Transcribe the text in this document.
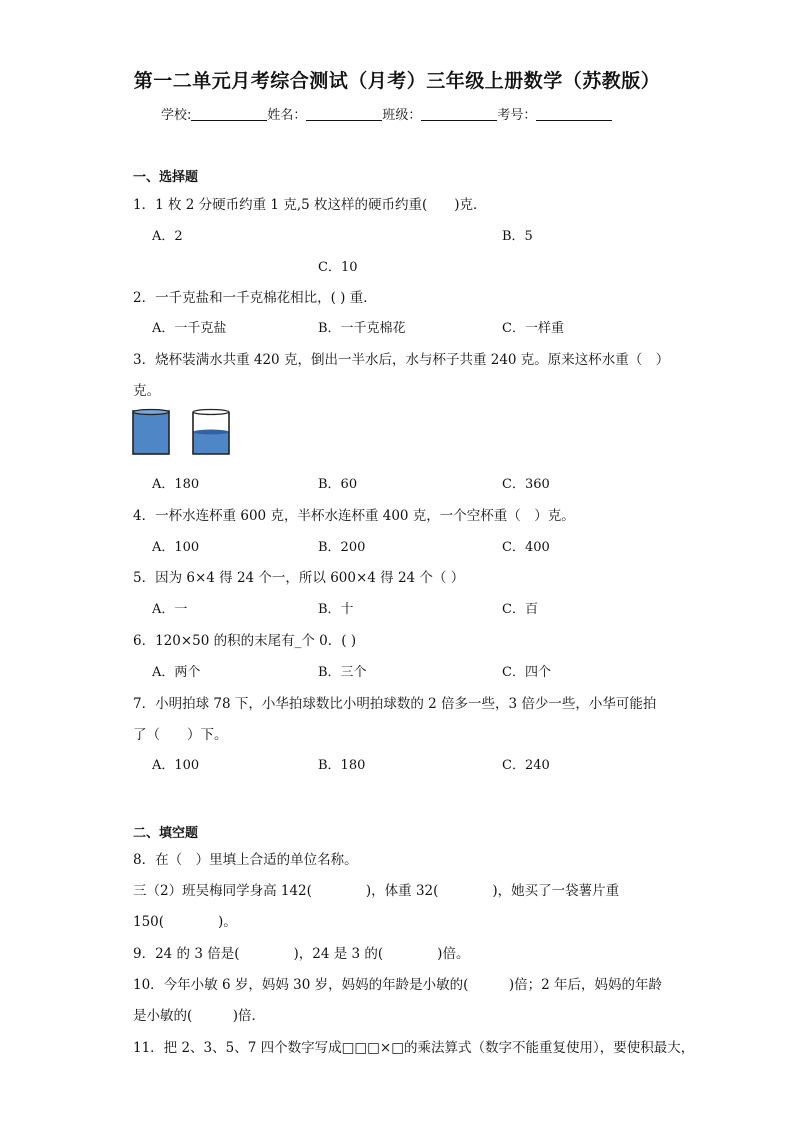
第一二单元月考综合测试（月考）三年级上册数学（苏教版）
学校:	姓名：	班级：	考号：
一、选择题
1．1 枚 2 分硬币约重 1 克,5 枚这样的硬币约重(　　)克．
A．2	B．5
C．10
2．一千克盐和一千克棉花相比，( ) 重．
A．一千克盐	B．一千克棉花	C．一样重
3．烧杯装满水共重 420 克，倒出一半水后，水与杯子共重 240 克。原来这杯水重（　）
克。
A．180	B．60	C．360
4．一杯水连杯重 600 克，半杯水连杯重 400 克，一个空杯重（　）克。
A．100	B．200	C．400
5．因为 6×4 得 24 个一，所以 600×4 得 24 个（ ）
A．一	B．十	C．百
6．120×50 的积的末尾有_个 0．( )
A．两个	B．三个	C．四个
7．小明拍球 78 下，小华拍球数比小明拍球数的 2 倍多一些，3 倍少一些，小华可能拍
了（　　）下。
A．100	B．180	C．240
二、填空题
8．在（　）里填上合适的单位名称。
三（2）班吴梅同学身高 142(　　　　)，体重 32(　　　　)，她买了一袋薯片重
150(　　　　)。
9．24 的 3 倍是(　　　　)，24 是 3 的(　　　　)倍。
10．今年小敏 6 岁，妈妈 30 岁，妈妈的年龄是小敏的(　　　)倍；2 年后，妈妈的年龄
是小敏的(　　　)倍．
11．把 2、3、5、7 四个数字写成□□□×□的乘法算式（数字不能重复使用），要使积最大，
